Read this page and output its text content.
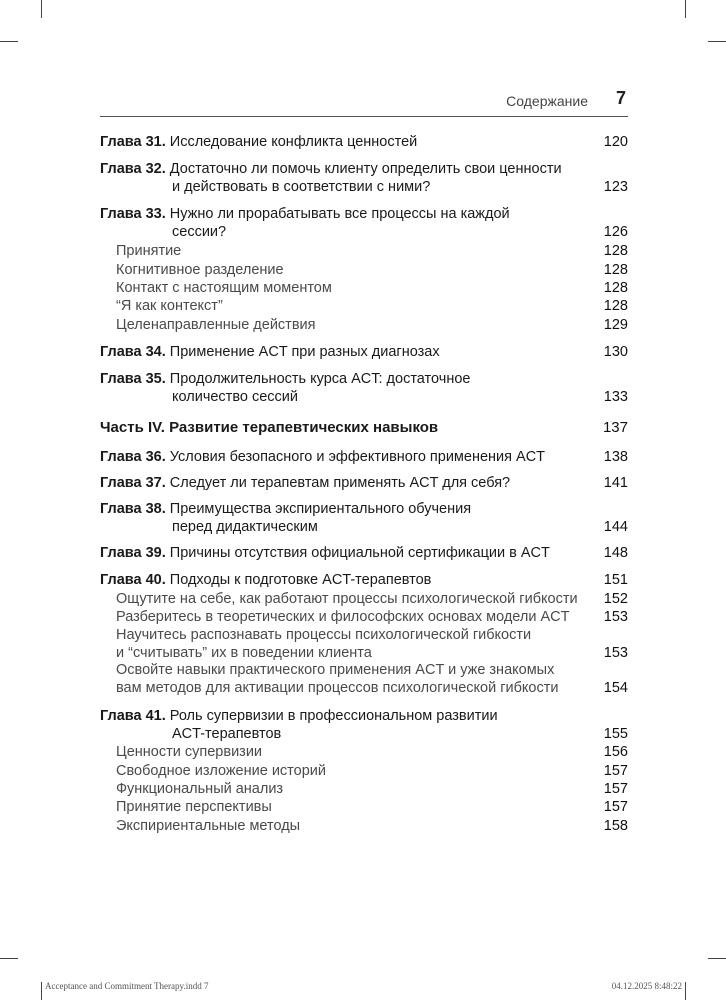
Содержание 7
Глава 31. Исследование конфликта ценностей	120
Глава 32. Достаточно ли помочь клиенту определить свои ценности
и действовать в соответствии с ними?	123
Глава 33. Нужно ли прорабатывать все процессы на каждой
сессии?	126
Принятие	128
Когнитивное разделение	128
Контакт с настоящим моментом	128
“Я как контекст”	128
Целенаправленные действия	129
Глава 34. Применение ACT при разных диагнозах	130
Глава 35. Продолжительность курса ACT: достаточное
количество сессий	133
Часть IV. Развитие терапевтических навыков	137
Глава 36. Условия безопасного и эффективного применения ACT	138
Глава 37. Следует ли терапевтам применять ACT для себя?	141
Глава 38. Преимущества экспириентального обучения
перед дидактическим	144
Глава 39. Причины отсутствия официальной сертификации в ACT	148
Глава 40. Подходы к подготовке ACT-терапевтов	151
Ощутите на себе, как работают процессы психологической гибкости	152
Разберитесь в теоретических и философских основах модели ACT	153
Научитесь распознавать процессы психологической гибкости
и “считывать” их в поведении клиента	153
Освойте навыки практического применения ACT и уже знакомых
вам методов для активации процессов психологической гибкости	154
Глава 41. Роль супервизии в профессиональном развитии
ACT-терапевтов	155
Ценности супервизии	156
Свободное изложение историй	157
Функциональный анализ	157
Принятие перспективы	157
Экспириентальные методы	158
Acceptance and Commitment Therapy.indd 7	04.12.2025 8:48:22
